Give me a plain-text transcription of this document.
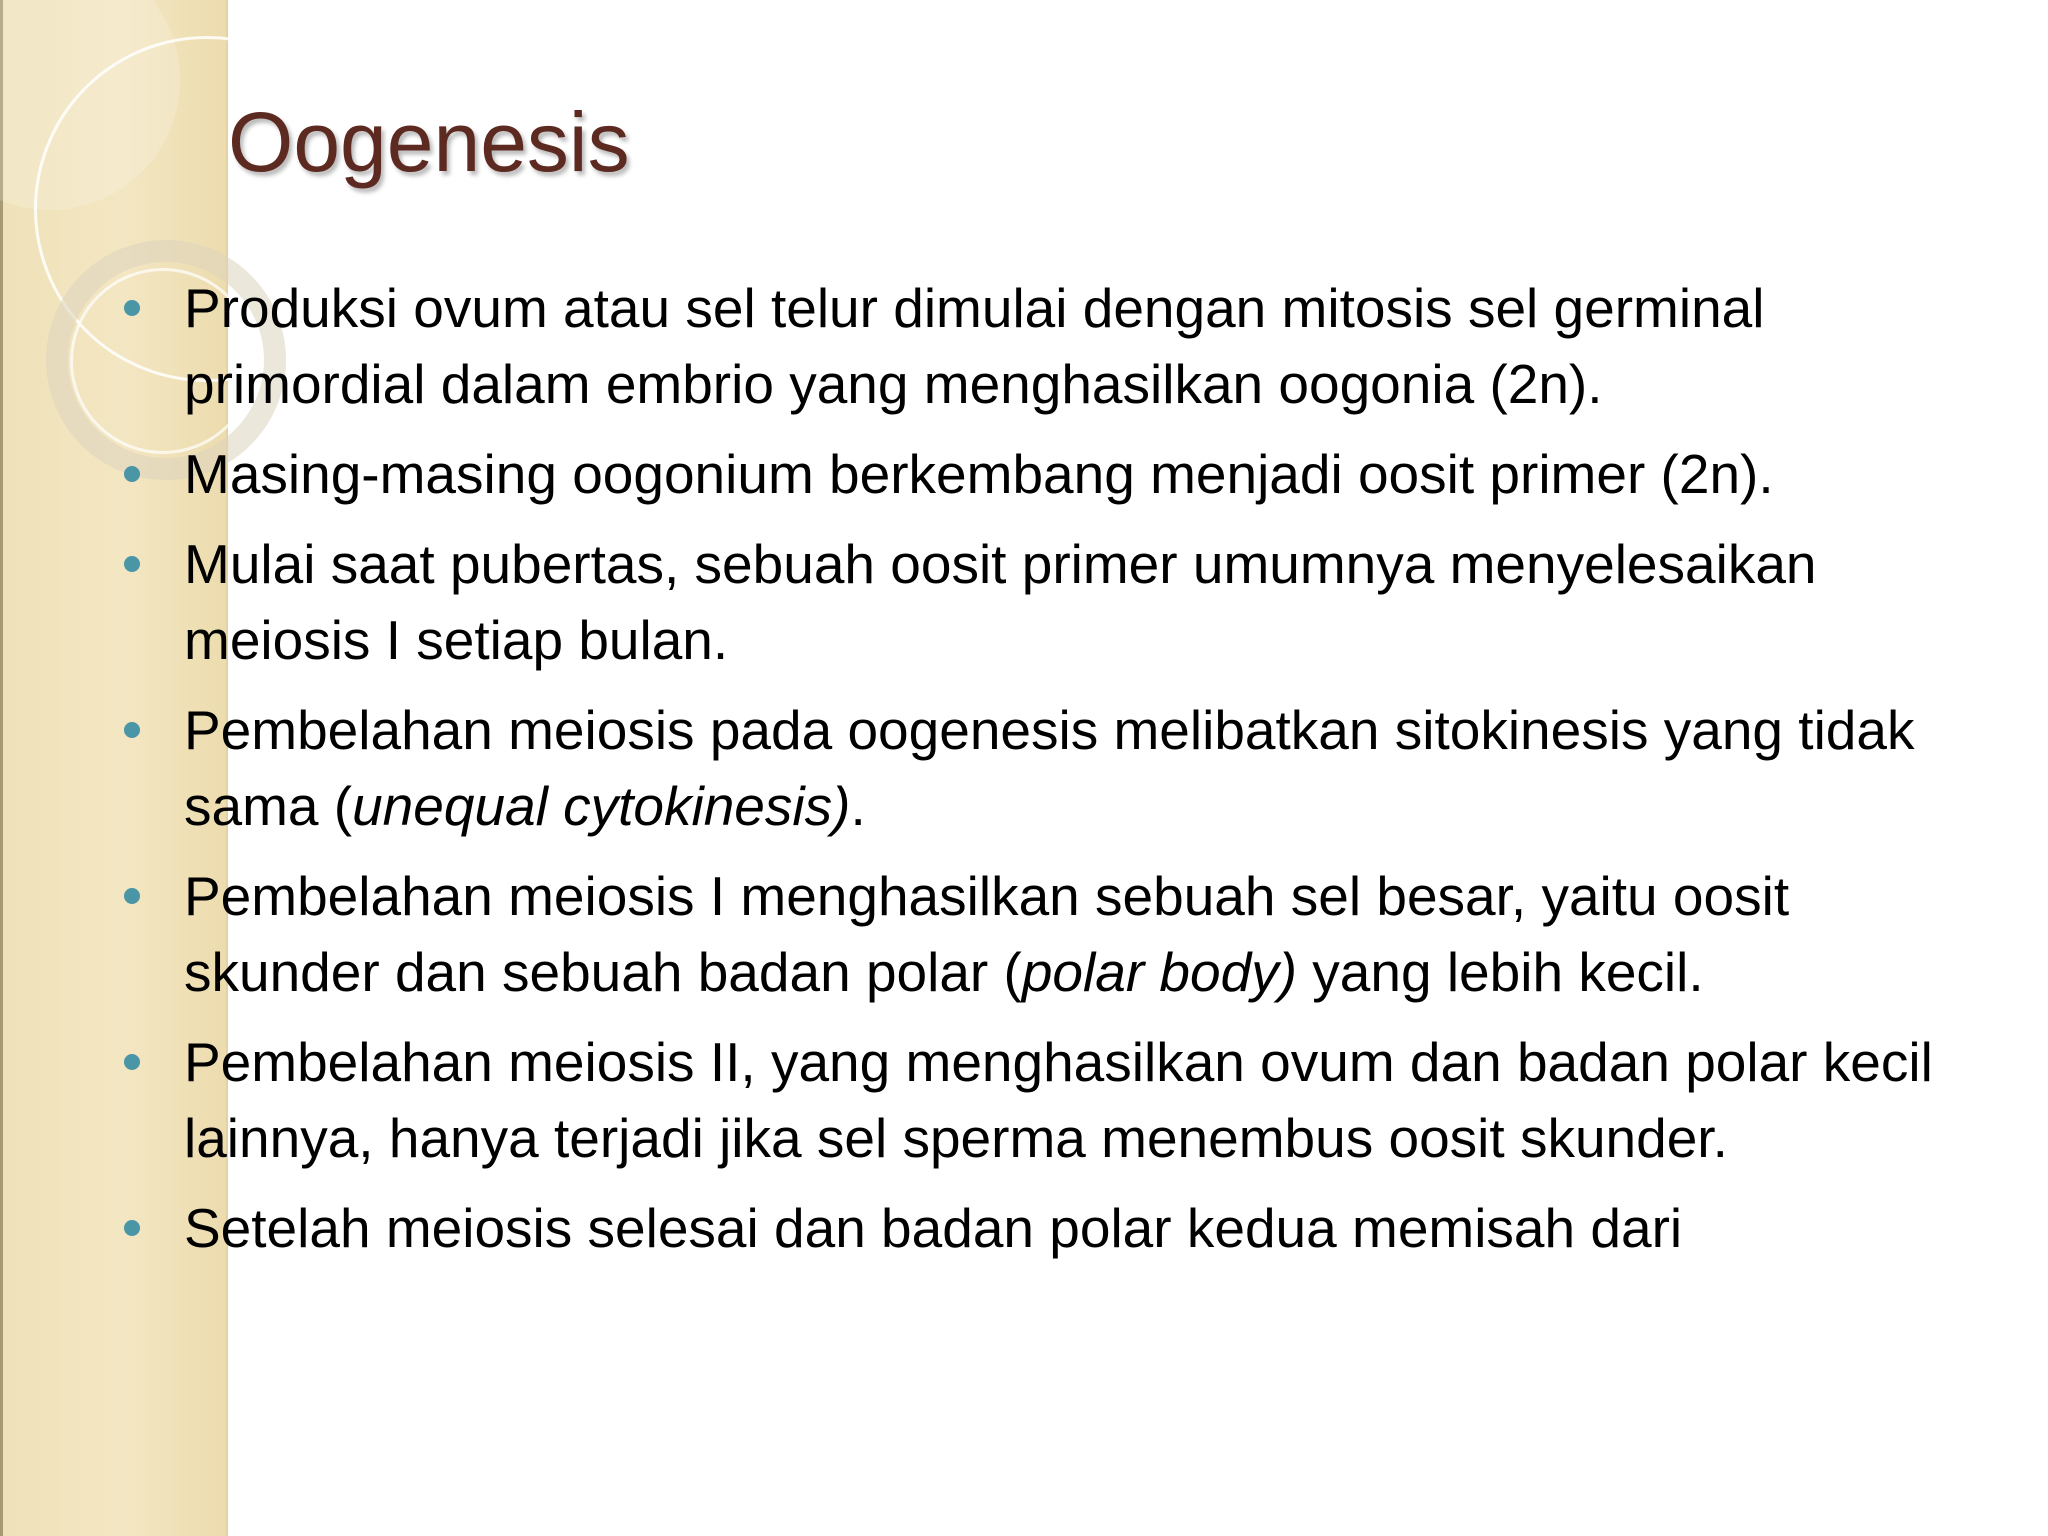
Oogenesis
Produksi ovum atau sel telur dimulai dengan mitosis sel germinal primordial dalam embrio yang menghasilkan oogonia (2n).
Masing-masing oogonium berkembang menjadi oosit primer (2n).
Mulai saat pubertas, sebuah oosit primer umumnya menyelesaikan meiosis I setiap bulan.
Pembelahan meiosis pada oogenesis melibatkan sitokinesis yang tidak sama (unequal cytokinesis).
Pembelahan meiosis I menghasilkan sebuah sel besar, yaitu oosit skunder dan sebuah badan polar (polar body) yang lebih kecil.
Pembelahan meiosis II, yang menghasilkan ovum dan badan polar kecil lainnya, hanya terjadi jika sel sperma menembus oosit skunder.
Setelah meiosis selesai dan badan polar kedua memisah dari
